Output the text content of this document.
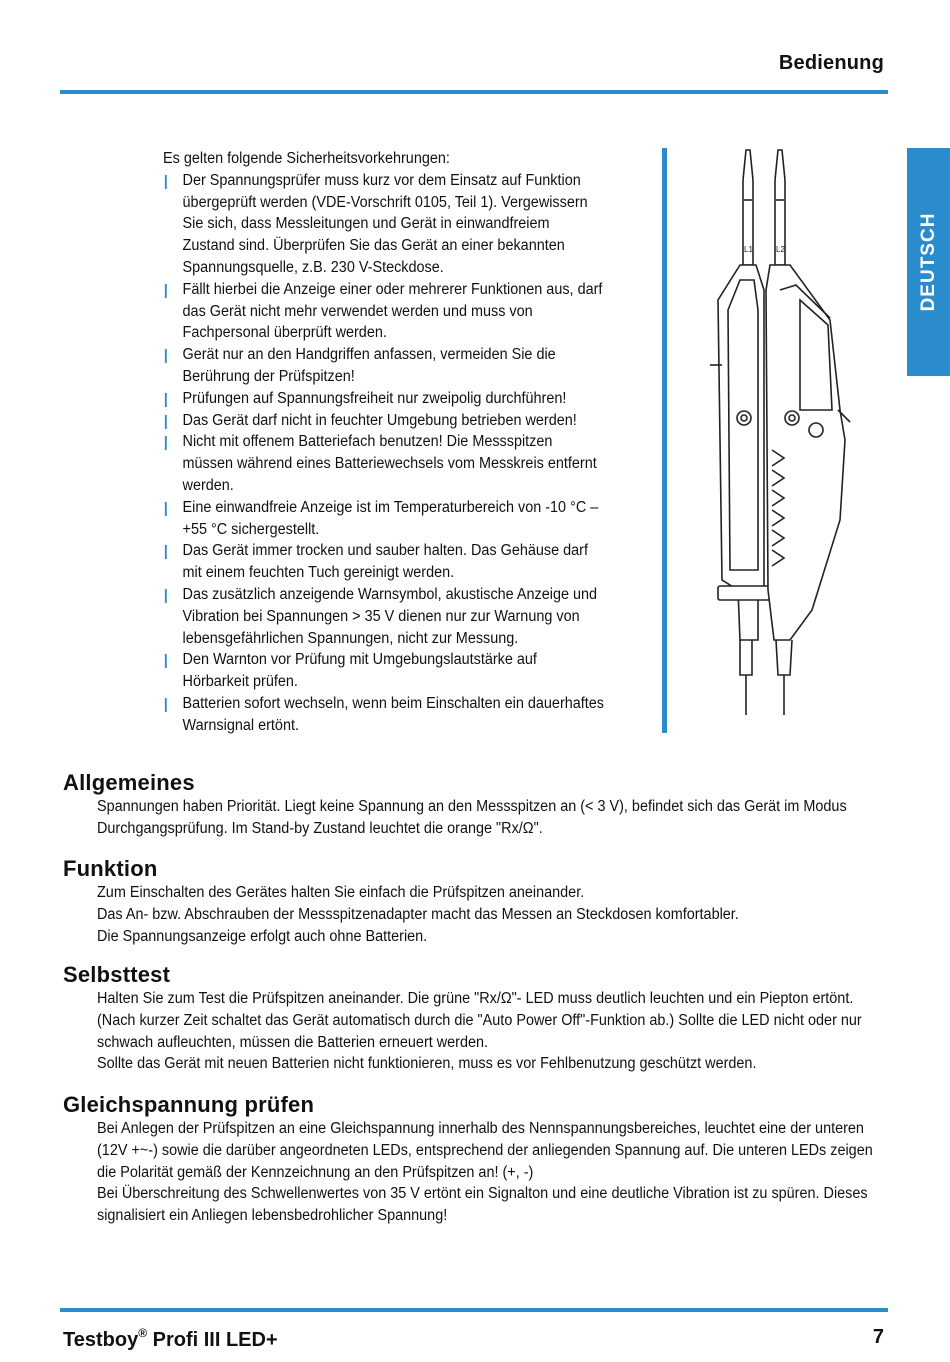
Bedienung
DEUTSCH
Es gelten folgende Sicherheitsvorkehrungen:
Der Spannungsprüfer muss kurz vor dem Einsatz auf Funktion übergeprüft werden (VDE-Vorschrift 0105, Teil 1). Vergewissern Sie sich, dass Messleitungen und Gerät in einwandfreiem Zustand sind. Überprüfen Sie das Gerät an einer bekannten Spannungsquelle, z.B. 230 V-Steckdose.
Fällt hierbei die Anzeige einer oder mehrerer Funktionen aus, darf das Gerät nicht mehr verwendet werden und muss von Fachpersonal überprüft werden.
Gerät nur an den Handgriffen anfassen, vermeiden Sie die Berührung der Prüfspitzen!
Prüfungen auf Spannungsfreiheit nur zweipolig durchführen!
Das Gerät darf nicht in feuchter Umgebung betrieben werden!
Nicht mit offenem Batteriefach benutzen! Die Messspitzen müssen während eines Batteriewechsels vom Messkreis entfernt werden.
Eine einwandfreie Anzeige ist im Temperaturbereich von -10 °C – +55 °C sichergestellt.
Das Gerät immer trocken und sauber halten. Das Gehäuse darf mit einem feuchten Tuch gereinigt werden.
Das zusätzlich anzeigende Warnsymbol, akustische Anzeige und Vibration bei Spannungen > 35 V dienen nur zur Warnung von lebensgefährlichen Spannungen, nicht zur Messung.
Den Warnton vor Prüfung mit Umgebungslautstärke auf Hörbarkeit prüfen.
Batterien sofort wechseln, wenn beim Einschalten ein dauerhaftes Warnsignal ertönt.
L1	L2
Allgemeines

Spannungen haben Priorität. Liegt keine Spannung an den Messspitzen an (< 3 V), befindet sich das Gerät im Modus Durchgangsprüfung. Im Stand-by Zustand leuchtet die orange "Rx/Ω".

Funktion

Zum Einschalten des Gerätes halten Sie einfach die Prüfspitzen aneinander.

Das An- bzw. Abschrauben der Messspitzenadapter macht das Messen an Steckdosen komfortabler.

Die Spannungsanzeige erfolgt auch ohne Batterien.

Selbsttest

Halten Sie zum Test die Prüfspitzen aneinander. Die grüne "Rx/Ω"- LED muss deutlich leuchten und ein Piepton ertönt. (Nach kurzer Zeit schaltet das Gerät automatisch durch die "Auto Power Off"-Funktion ab.) Sollte die LED nicht oder nur schwach aufleuchten, müssen die Batterien erneuert werden.

Sollte das Gerät mit neuen Batterien nicht funktionieren, muss es vor Fehlbenutzung geschützt werden.

Gleichspannung prüfen

Bei Anlegen der Prüfspitzen an eine Gleichspannung innerhalb des Nennspannungsbereiches, leuchtet eine der unteren (12V +~-) sowie die darüber angeordneten LEDs, entsprechend der anliegenden Spannung auf. Die unteren LEDs zeigen die Polarität gemäß der Kennzeichnung an den Prüfspitzen an! (+, -)

Bei Überschreitung des Schwellenwertes von 35 V ertönt ein Signalton und eine deutliche Vibration ist zu spüren. Dieses signalisiert ein Anliegen lebensbedrohlicher Spannung!

Testboy® Profi III LED+	7
